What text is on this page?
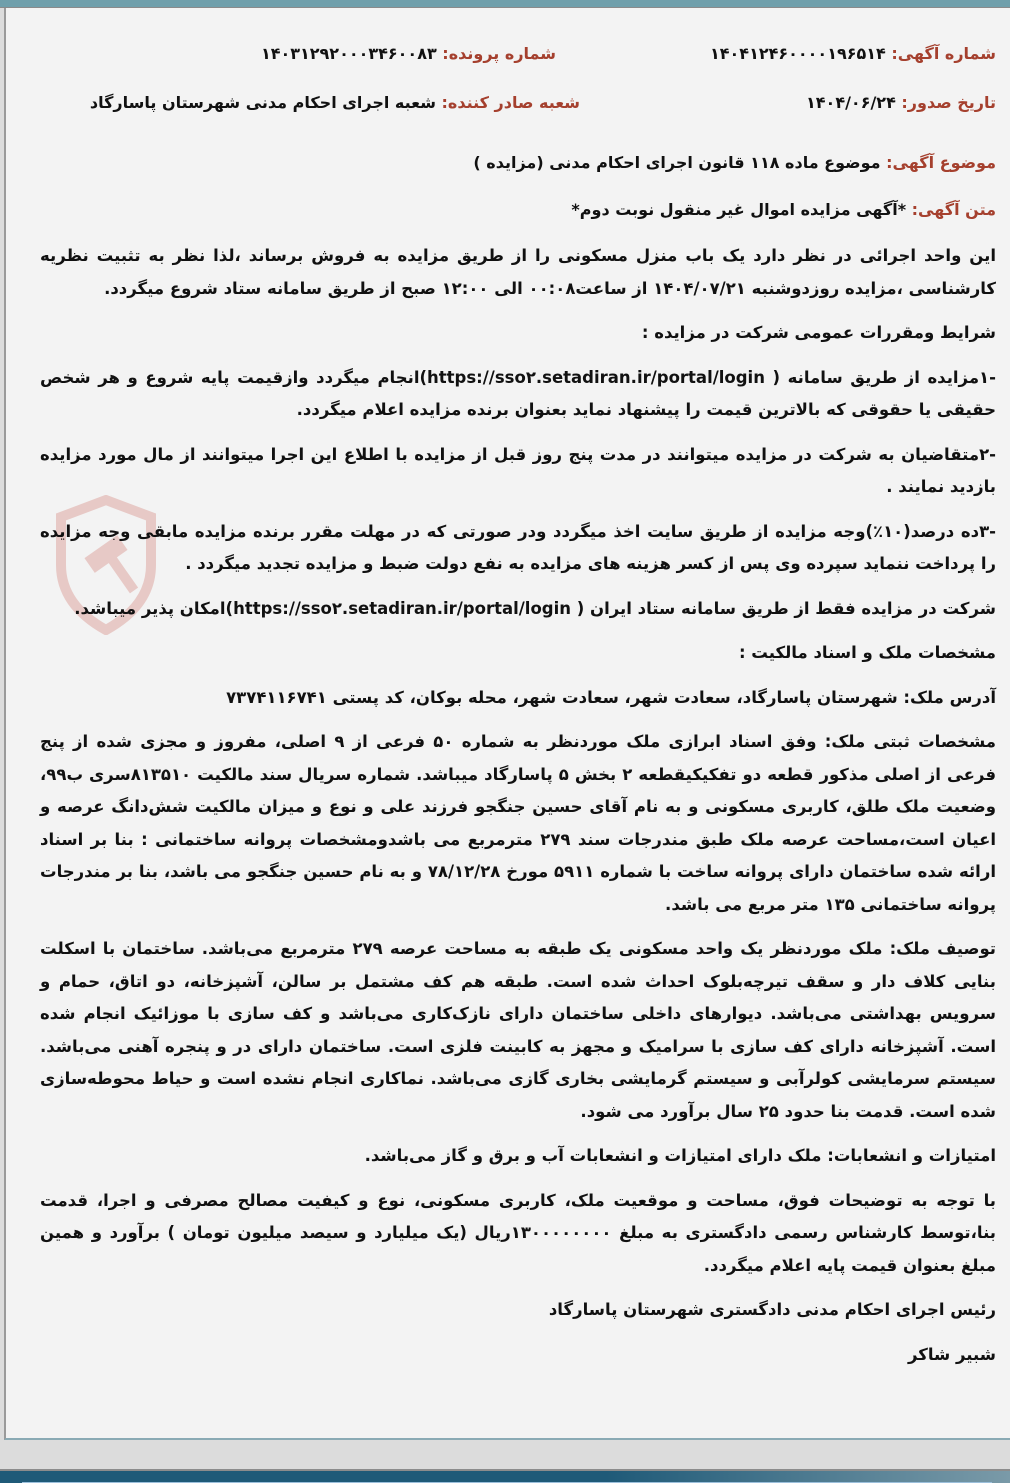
شماره آگهی: ۱۴۰۴۱۲۴۶۰۰۰۰۱۹۶۵۱۴
شماره پرونده: ۱۴۰۳۱۲۹۲۰۰۰۳۴۶۰۰۸۳
تاریخ صدور: ۱۴۰۴/۰۶/۲۴
شعبه صادر کننده: شعبه اجرای احکام مدنی شهرستان پاسارگاد
موضوع آگهی: موضوع ماده ۱۱۸ قانون اجرای احکام مدنی (مزایده )
متن آگهی: *آگهی مزایده اموال غیر منقول نوبت دوم*

این واحد اجرائی در نظر دارد یک باب منزل مسکونی را از طریق مزایده به فروش برساند ،لذا نظر به تثبیت نظریه کارشناسی ،مزایده روزدوشنبه ۱۴۰۴/۰۷/۲۱ از ساعت۰۰:۰۸ الی ۱۲:۰۰ صبح از طریق سامانه ستاد شروع میگردد.

شرایط ومقررات عمومی شرکت در مزایده :

-۱مزایده از طریق سامانه ( https://sso۲.setadiran.ir/portal/login)انجام میگردد وازقیمت پایه شروع و هر شخص حقیقی یا حقوقی که بالاترین قیمت را پیشنهاد نماید بعنوان برنده مزایده اعلام میگردد.

-۲متقاضیان به شرکت در مزایده میتوانند در مدت پنج روز قبل از مزایده با اطلاع این اجرا میتوانند از مال مورد مزایده بازدید نمایند .

-۳ده درصد(۱۰٪)وجه مزایده از طریق سایت اخذ میگردد ودر صورتی که در مهلت مقرر برنده مزایده مابقی وجه مزایده را پرداخت ننماید سپرده وی پس از کسر هزینه های مزایده به نفع دولت ضبط و مزایده تجدید میگردد .

شرکت در مزایده فقط از طریق سامانه ستاد ایران ( https://sso۲.setadiran.ir/portal/login)امکان پذیر میباشد.

مشخصات ملک و اسناد مالکیت :

آدرس ملک: شهرستان پاسارگاد، سعادت شهر، سعادت شهر، محله بوکان، کد پستی ۷۳۷۴۱۱۶۷۴۱

مشخصات ثبتی ملک: وفق اسناد ابرازی ملک موردنظر به شماره ۵۰ فرعی از ۹ اصلی، مفروز و مجزی شده از پنج فرعی از اصلی مذکور قطعه دو تفکیکیقطعه ۲ بخش ۵ پاسارگاد میباشد. شماره سریال سند مالکیت ۸۱۳۵۱۰سری ب۹۹، وضعیت ملک طلق، کاربری مسکونی و به نام آقای حسین جنگجو فرزند علی و نوع و میزان مالکیت شش‌دانگ عرصه و اعیان است،مساحت عرصه ملک طبق مندرجات سند ۲۷۹ مترمربع می باشدومشخصات پروانه ساختمانی : بنا بر اسناد ارائه شده ساختمان دارای پروانه ساخت با شماره ۵۹۱۱ مورخ ۷۸/۱۲/۲۸ و به نام حسین جنگجو می باشد، بنا بر مندرجات پروانه ساختمانی ۱۳۵ متر مربع می باشد.

توصیف ملک: ملک موردنظر یک واحد مسکونی یک طبقه به مساحت عرصه ۲۷۹ مترمربع می‌باشد. ساختمان با اسکلت بنایی کلاف دار و سقف تیرچه‌بلوک احداث شده است. طبقه هم کف مشتمل بر سالن، آشپزخانه، دو اتاق، حمام و سرویس بهداشتی می‌باشد. دیوارهای داخلی ساختمان دارای نازک‌کاری می‌باشد و کف سازی با موزائیک انجام شده است. آشپزخانه دارای کف سازی با سرامیک و مجهز به کابینت فلزی است. ساختمان دارای در و پنجره آهنی می‌باشد. سیستم سرمایشی کولرآبی و سیستم گرمایشی بخاری گازی می‌باشد. نماکاری انجام نشده است و حیاط محوطه‌سازی شده است. قدمت بنا حدود ۲۵ سال برآورد می شود.

امتیازات و انشعابات: ملک دارای امتیازات و انشعابات آب و برق و گاز می‌باشد.

با توجه به توضیحات فوق، مساحت و موقعیت ملک، کاربری مسکونی، نوع و کیفیت مصالح مصرفی و اجرا، قدمت بنا،توسط کارشناس رسمی دادگستری به مبلغ ۱۳۰۰۰۰۰۰۰۰ریال (یک میلیارد و سیصد میلیون تومان ) برآورد و همین مبلغ بعنوان قیمت پایه اعلام میگردد.

رئیس اجرای احکام مدنی دادگستری شهرستان پاسارگاد

شبیر شاکر
